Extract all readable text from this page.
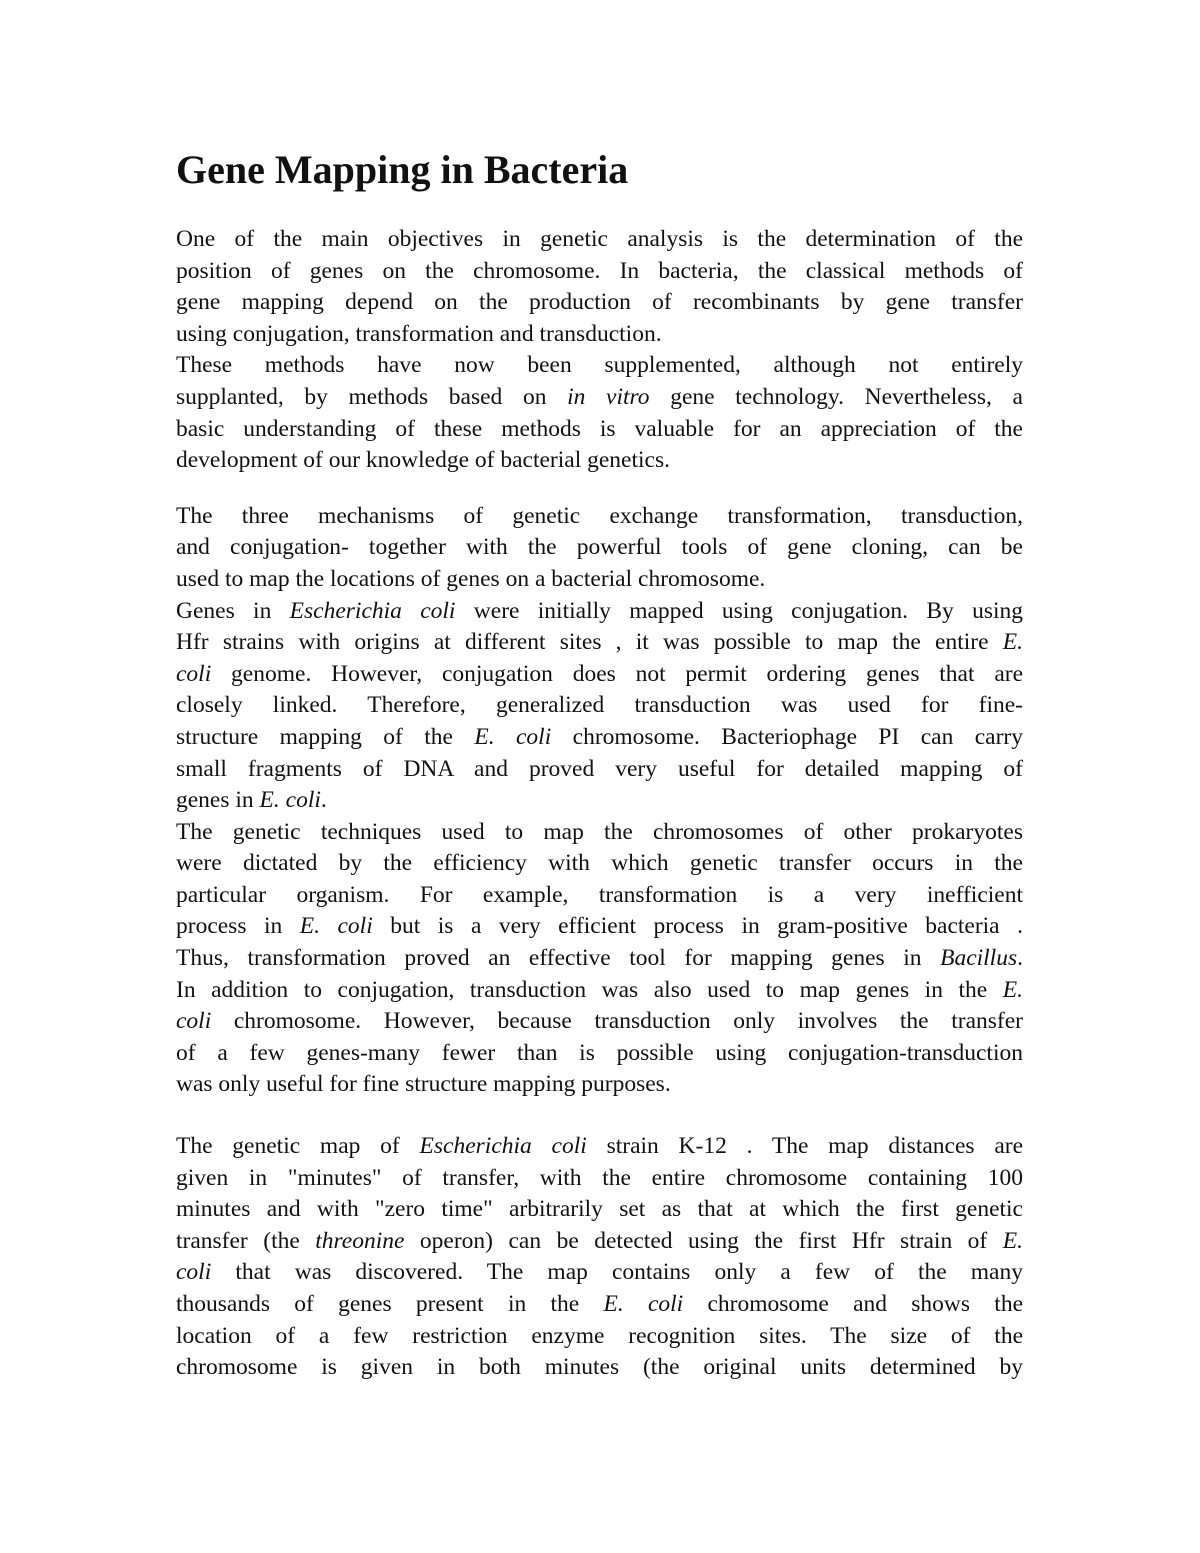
Gene Mapping in Bacteria
One of the main objectives in genetic analysis is the determination of the
position of genes on the chromosome. In bacteria, the classical methods of
gene mapping depend on the production of recombinants by gene transfer
using conjugation, transformation and transduction.
These methods have now been supplemented, although not entirely
supplanted, by methods based on in vitro gene technology. Nevertheless, a
basic understanding of these methods is valuable for an appreciation of the
development of our knowledge of bacterial genetics.
The three mechanisms of genetic exchange transformation, transduction,
and conjugation- together with the powerful tools of gene cloning, can be
used to map the locations of genes on a bacterial chromosome.
Genes in Escherichia coli were initially mapped using conjugation. By using
Hfr strains with origins at different sites , it was possible to map the entire E.
coli genome. However, conjugation does not permit ordering genes that are
closely linked. Therefore, generalized transduction was used for fine-
structure mapping of the E. coli chromosome. Bacteriophage PI can carry
small fragments of DNA and proved very useful for detailed mapping of
genes in E. coli.
The genetic techniques used to map the chromosomes of other prokaryotes
were dictated by the efficiency with which genetic transfer occurs in the
particular organism. For example, transformation is a very inefficient
process in E. coli but is a very efficient process in gram-positive bacteria .
Thus, transformation proved an effective tool for mapping genes in Bacillus.
In addition to conjugation, transduction was also used to map genes in the E.
coli chromosome. However, because transduction only involves the transfer
of a few genes-many fewer than is possible using conjugation-transduction
was only useful for fine structure mapping purposes.
The genetic map of Escherichia coli strain K-12 . The map distances are
given in "minutes" of transfer, with the entire chromosome containing 100
minutes and with "zero time" arbitrarily set as that at which the first genetic
transfer (the threonine operon) can be detected using the first Hfr strain of E.
coli that was discovered. The map contains only a few of the many
thousands of genes present in the E. coli chromosome and shows the
location of a few restriction enzyme recognition sites. The size of the
chromosome is given in both minutes (the original units determined by
